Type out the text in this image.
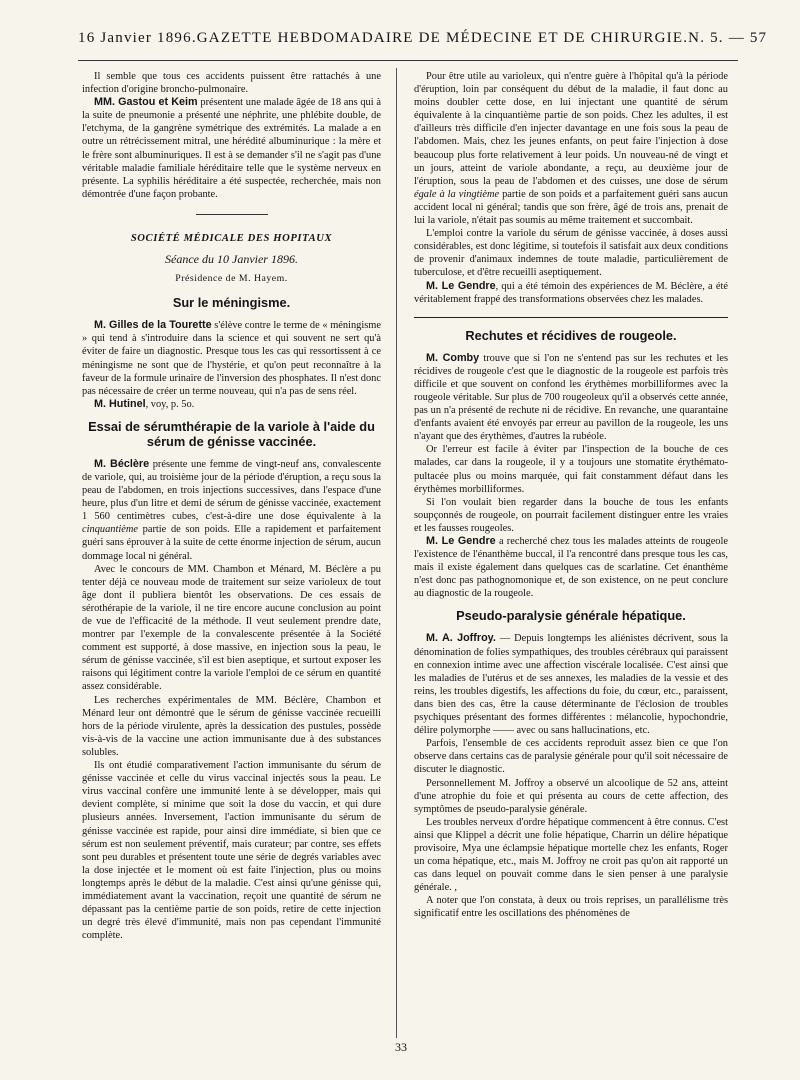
16 Janvier 1896. GAZETTE HEBDOMADAIRE DE MÉDECINE ET DE CHIRURGIE. N. 5. — 57

Il semble que tous ces accidents puissent être rattachés à une infection d'origine broncho-pulmonaire.

MM. Gastou et Keim présentent une malade âgée de 18 ans qui à la suite de pneumonie a présenté une néphrite, une phlébite double, de l'etchyma, de la gangrène symétrique des extrémités. La malade a en outre un rétrécissement mitral, une hérédité albuminurique : la mère et le frère sont albuminuriques. Il est à se demander s'il ne s'agit pas d'une véritable maladie familiale héréditaire telle que le système nerveux en présente. La syphilis héréditaire a été suspectée, recherchée, mais non démontrée d'une façon probante.

SOCIÉTÉ MÉDICALE DES HOPITAUX
Séance du 10 Janvier 1896.
Présidence de M. Hayem.
Sur le méningisme.

M. Gilles de la Tourette s'élève contre le terme de « méningisme » qui tend à s'introduire dans la science et qui souvent ne sert qu'à éviter de faire un diagnostic. Presque tous les cas qui ressortissent à ce méningisme ne sont que de l'hystérie, et qu'on peut reconnaître à la faveur de la formule urinaire de l'inversion des phosphates. Il n'est donc pas nécessaire de créer un terme nouveau, qui n'a pas de sens réel.

M. Hutinel, voy, p. 5o.

Essai de sérumthérapie de la variole à l'aide du sérum de génisse vaccinée.

M. Béclère présente une femme de vingt-neuf ans, convalescente de variole, qui, au troisième jour de la période d'éruption, a reçu sous la peau de l'abdomen, en trois injections successives, dans l'espace d'une heure, plus d'un litre et demi de sérum de génisse vaccinée, exactement 1 560 centimètres cubes, c'est-à-dire une dose équivalente à la cinquantième partie de son poids. Elle a rapidement et parfaitement guéri sans éprouver à la suite de cette énorme injection de sérum, aucun dommage local ni général.

Avec le concours de MM. Chambon et Ménard, M. Béclère a pu tenter déjà ce nouveau mode de traitement sur seize varioleux de tout âge dont il publiera bientôt les observations. De ces essais de sérothérapie de la variole, il ne tire encore aucune conclusion au point de vue de l'efficacité de la méthode. Il veut seulement prendre date, montrer par l'exemple de la convalescente présentée à la Société comment est supporté, à dose massive, en injection sous la peau, le sérum de génisse vaccinée, s'il est bien aseptique, et surtout exposer les raisons qui légitiment contre la variole l'emploi de ce sérum en quantité assez considérable.

Les recherches expérimentales de MM. Béclère, Chambon et Ménard leur ont démontré que le sérum de génisse vaccinée recueilli hors de la période virulente, après la dessication des pustules, possède vis-à-vis de la vaccine une action immunisante due à des substances solubles.

Ils ont étudié comparativement l'action immunisante du sérum de génisse vaccinée et celle du virus vaccinal injectés sous la peau. Le virus vaccinal confère une immunité lente à se développer, mais qui devient complète, si minime que soit la dose du vaccin, et qui dure plusieurs années. Inversement, l'action immunisante du sérum de génisse vaccinée est rapide, pour ainsi dire immédiate, si bien que ce sérum est non seulement préventif, mais curateur; par contre, ses effets sont peu durables et présentent toute une série de degrés variables avec la dose injectée et le moment où est faite l'injection, plus ou moins longtemps après le début de la maladie. C'est ainsi qu'une génisse qui, immédiatement avant la vaccination, reçoit une quantité de sérum ne dépassant pas la centième partie de son poids, retire de cette injection un degré très élevé d'immunité, mais non pas cependant l'immunité complète.

Pour être utile au varioleux, qui n'entre guère à l'hôpital qu'à la période d'éruption, loin par conséquent du début de la maladie, il faut donc au moins doubler cette dose, en lui injectant une quantité de sérum équivalente à la cinquantième partie de son poids. Chez les adultes, il est d'ailleurs très difficile d'en injecter davantage en une fois sous la peau de l'abdomen. Mais, chez les jeunes enfants, on peut faire l'injection à dose beaucoup plus forte relativement à leur poids. Un nouveau-né de vingt et un jours, atteint de variole abondante, a reçu, au deuxième jour de l'éruption, sous la peau de l'abdomen et des cuisses, une dose de sérum égale à la vingtième partie de son poids et a parfaitement guéri sans aucun accident local ni général; tandis que son frère, âgé de trois ans, prenait de lui la variole, n'était pas soumis au même traitement et succombait.

L'emploi contre la variole du sérum de génisse vaccinée, à doses aussi considérables, est donc légitime, si toutefois il satisfait aux deux conditions de provenir d'animaux indemnes de toute maladie, particulièrement de tuberculose, et d'être recueilli aseptiquement.

M. Le Gendre, qui a été témoin des expériences de M. Béclère, a été véritablement frappé des transformations observées chez les malades.

Rechutes et récidives de rougeole.

M. Comby trouve que si l'on ne s'entend pas sur les rechutes et les récidives de rougeole c'est que le diagnostic de la rougeole est parfois très difficile et que souvent on confond les érythèmes morbilliformes avec la rougeole véritable. Sur plus de 700 rougeoleux qu'il a observés cette année, pas un n'a présenté de rechute ni de récidive. En revanche, une quarantaine d'enfants avaient été envoyés par erreur au pavillon de la rougeole, les uns n'ayant que des érythèmes, d'autres la rubéole.

Or l'erreur est facile à éviter par l'inspection de la bouche de ces malades, car dans la rougeole, il y a toujours une stomatite érythémato-pultacée plus ou moins marquée, qui fait constamment défaut dans les érythèmes morbilliformes.

Si l'on voulait bien regarder dans la bouche de tous les enfants soupçonnés de rougeole, on pourrait facilement distinguer entre les vraies et les fausses rougeoles.

M. Le Gendre a recherché chez tous les malades atteints de rougeole l'existence de l'énanthème buccal, il l'a rencontré dans presque tous les cas, mais il existe également dans quelques cas de scarlatine. Cet énanthème n'est donc pas pathognomonique et, de son existence, on ne peut conclure au diagnostic de la rougeole.

Pseudo-paralysie générale hépatique.

M. A. Joffroy. — Depuis longtemps les aliénistes décrivent, sous la dénomination de folies sympathiques, des troubles cérébraux qui paraissent en connexion intime avec une affection viscérale localisée. C'est ainsi que les maladies de l'utérus et de ses annexes, les maladies de la vessie et des reins, les troubles digestifs, les affections du foie, du cœur, etc., paraissent, dans bien des cas, être la cause déterminante de l'éclosion de troubles psychiques présentant des formes différentes : mélancolie, hypochondrie, délire polymorphe —— avec ou sans hallucinations, etc.

Parfois, l'ensemble de ces accidents reproduit assez bien ce que l'on observe dans certains cas de paralysie générale pour qu'il soit nécessaire de discuter le diagnostic.

Personnellement M. Joffroy a observé un alcoolique de 52 ans, atteint d'une atrophie du foie et qui présenta au cours de cette affection, des symptômes de pseudo-paralysie générale.

Les troubles nerveux d'ordre hépatique commencent à être connus. C'est ainsi que Klippel a décrit une folie hépatique, Charrin un délire hépatique provisoire, Mya une éclampsie hépatique mortelle chez les enfants, Roger un coma hépatique, etc., mais M. Joffroy ne croit pas qu'on ait rapporté un cas dans lequel on pouvait comme dans le sien penser à une paralysie générale. ,

A noter que l'on constata, à deux ou trois reprises, un parallélisme très significatif entre les oscillations des phénomènes de

33
